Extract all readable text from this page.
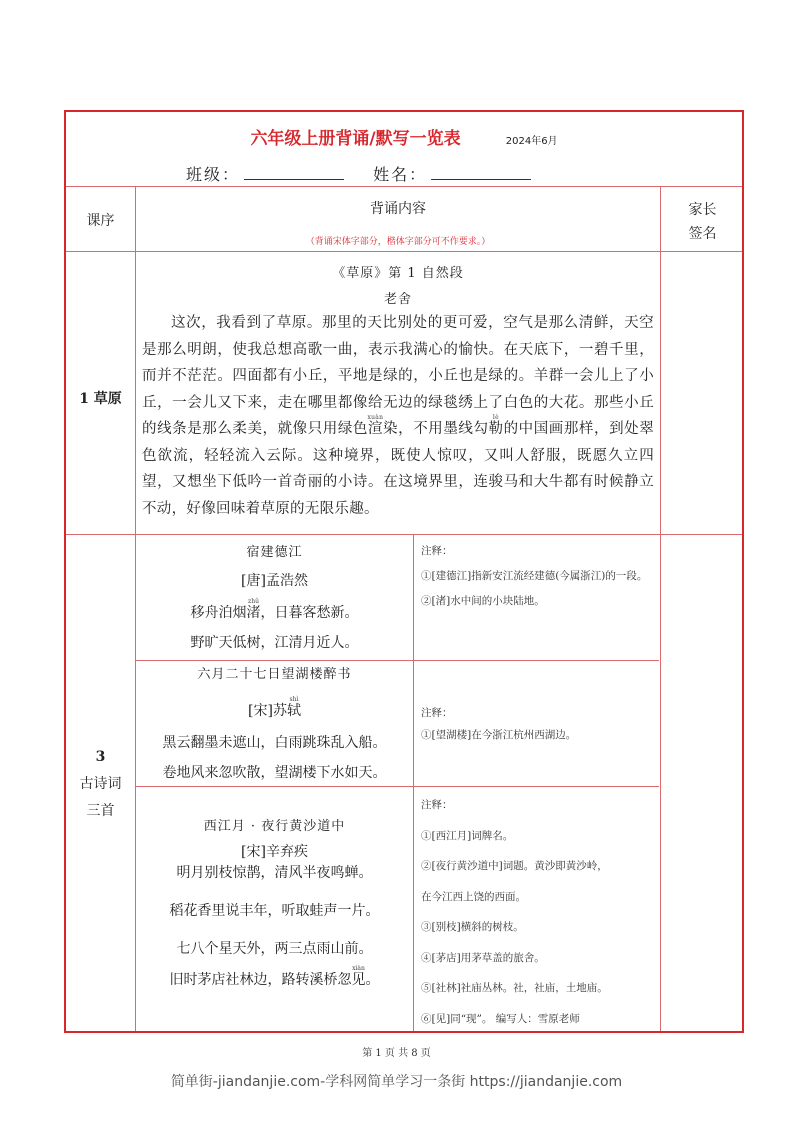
六年级上册背诵/默写一览表	2024年6月
班级：	姓名：
课序
背诵内容
（背诵宋体字部分，楷体字部分可不作要求。）
家长
签名
1 草原
《草原》第 1 自然段
老舍
这次，我看到了草原。那里的天比别处的更可爱，空气是那么清鲜，天空是那么明朗，使我总想高歌一曲，表示我满心的愉快。在天底下，一碧千里，而并不茫茫。四面都有小丘，平地是绿的，小丘也是绿的。羊群一会儿上了小丘，一会儿又下来，走在哪里都像给无边的绿毯绣上了白色的大花。那些小丘的线条是那么柔美，就像只用绿色渲xuàn染，不用墨线勾勒lè的中国画那样，到处翠色欲流，轻轻流入云际。这种境界，既使人惊叹，又叫人舒服，既愿久立四望，又想坐下低吟一首奇丽的小诗。在这境界里，连骏马和大牛都有时候静立不动，好像回味着草原的无限乐趣。
3
古诗词
三首
宿建德江
[唐]孟浩然
移舟泊烟渚zhǔ，日暮客愁新。
野旷天低树，江清月近人。
注释：
①[建德江]指新安江流经建德(今属浙江)的一段。
②[渚]水中间的小块陆地。
六月二十七日望湖楼醉书
[宋]苏轼shì
黑云翻墨未遮山，白雨跳珠乱入船。
卷地风来忽吹散，望湖楼下水如天。
注释：
①[望湖楼]在今浙江杭州西湖边。
西江月 · 夜行黄沙道中
[宋]辛弃疾
明月别枝惊鹊，清风半夜鸣蝉。
稻花香里说丰年，听取蛙声一片。
七八个星天外，两三点雨山前。
旧时茅店社林边，路转溪桥忽见xiàn。
注释：
①[西江月]词牌名。
②[夜行黄沙道中]词题。黄沙即黄沙岭，
在今江西上饶的西面。
③[别枝]横斜的树枝。
④[茅店]用茅草盖的旅舍。
⑤[社林]社庙丛林。社，社庙，土地庙。
⑥[见]同“现”。 编写人：雪原老师
第 1 页 共 8 页
简单街-jiandanjie.com-学科网简单学习一条街 https://jiandanjie.com
